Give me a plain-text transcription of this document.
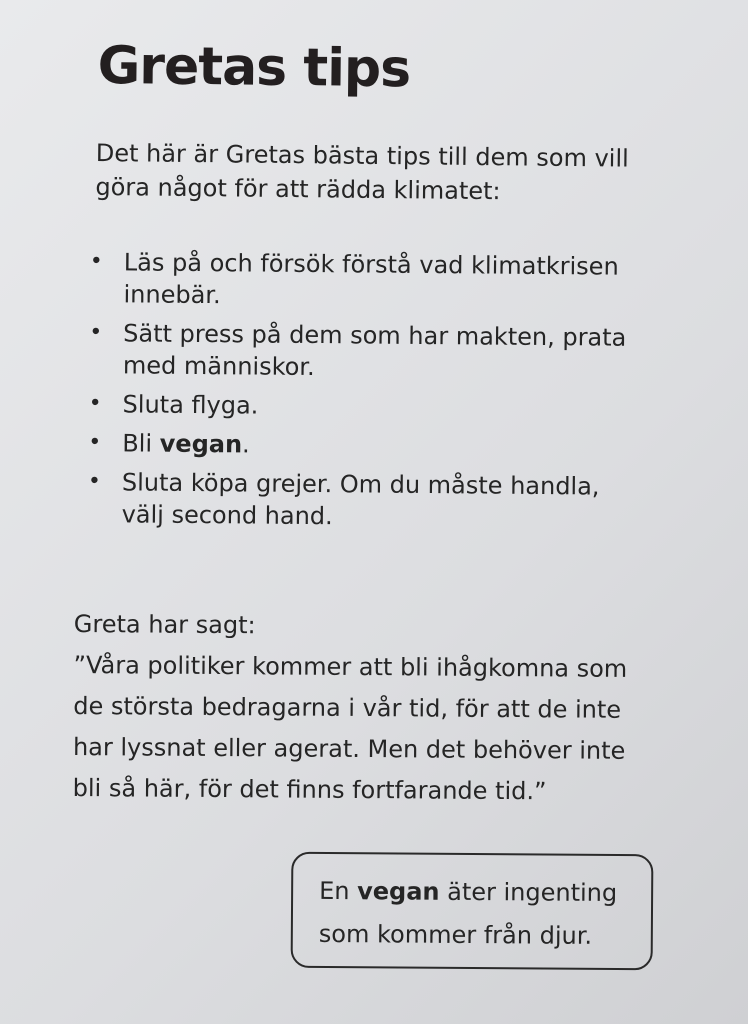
Gretas tips
Det här är Gretas bästa tips till dem som vill
göra något för att rädda klimatet:
• Läs på och försök förstå vad klimatkrisen
innebär.
• Sätt press på dem som har makten, prata
med människor.
• Sluta flyga.
• Bli vegan.
• Sluta köpa grejer. Om du måste handla,
välj second hand.

Greta har sagt:

”Våra politiker kommer att bli ihågkomna som

de största bedragarna i vår tid, för att de inte

har lyssnat eller agerat. Men det behöver inte

bli så här, för det finns fortfarande tid.”

En vegan äter ingenting

som kommer från djur.
